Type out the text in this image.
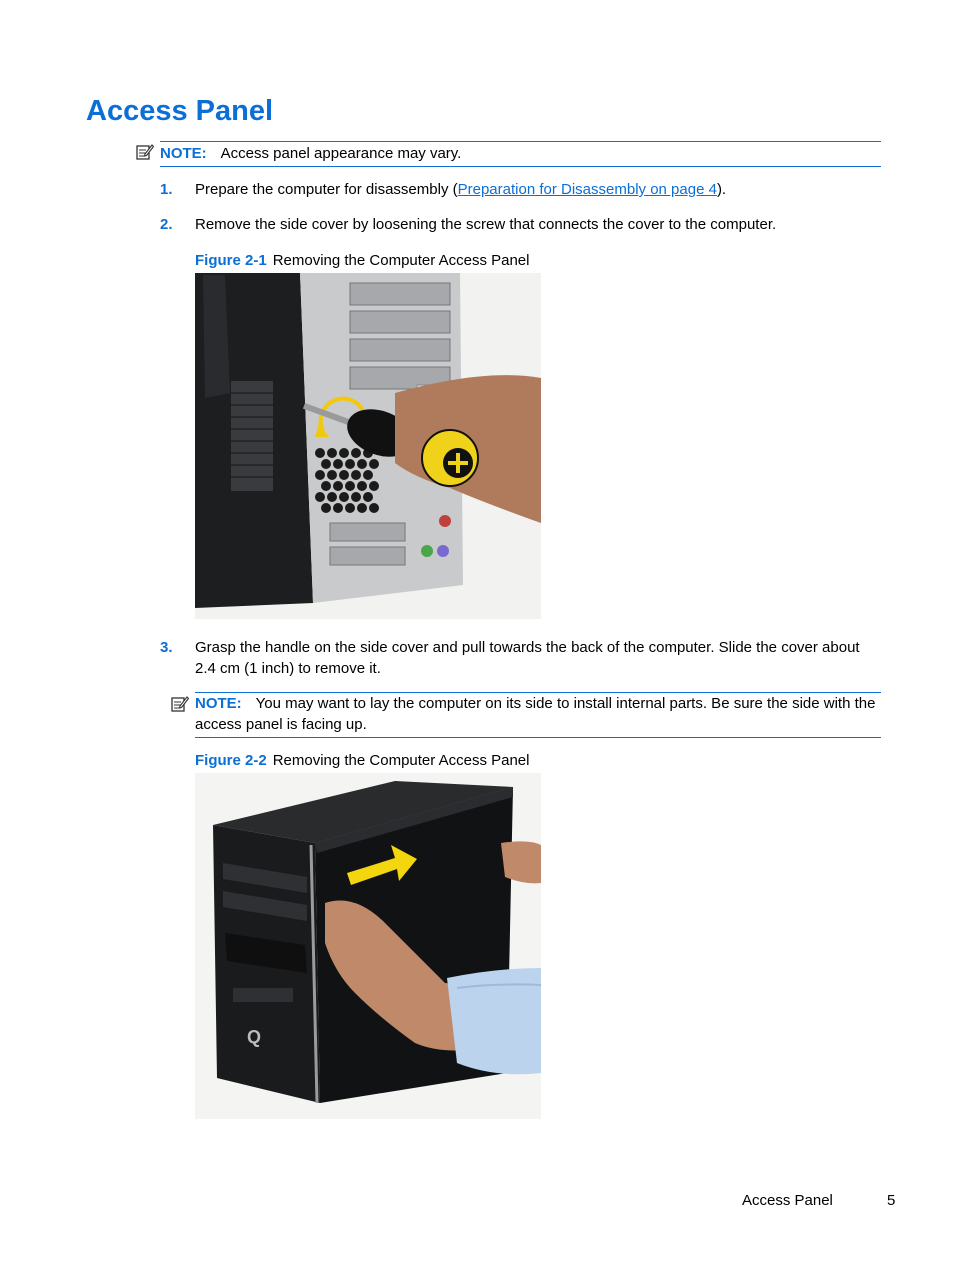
Access Panel
NOTE: Access panel appearance may vary.
1. Prepare the computer for disassembly (Preparation for Disassembly on page 4).
2. Remove the side cover by loosening the screw that connects the cover to the computer.
Figure 2-1 Removing the Computer Access Panel
3. Grasp the handle on the side cover and pull towards the back of the computer. Slide the cover about 2.4 cm (1 inch) to remove it.
NOTE: You may want to lay the computer on its side to install internal parts. Be sure the side with the access panel is facing up.
Figure 2-2 Removing the Computer Access Panel
Q
Access Panel	5
